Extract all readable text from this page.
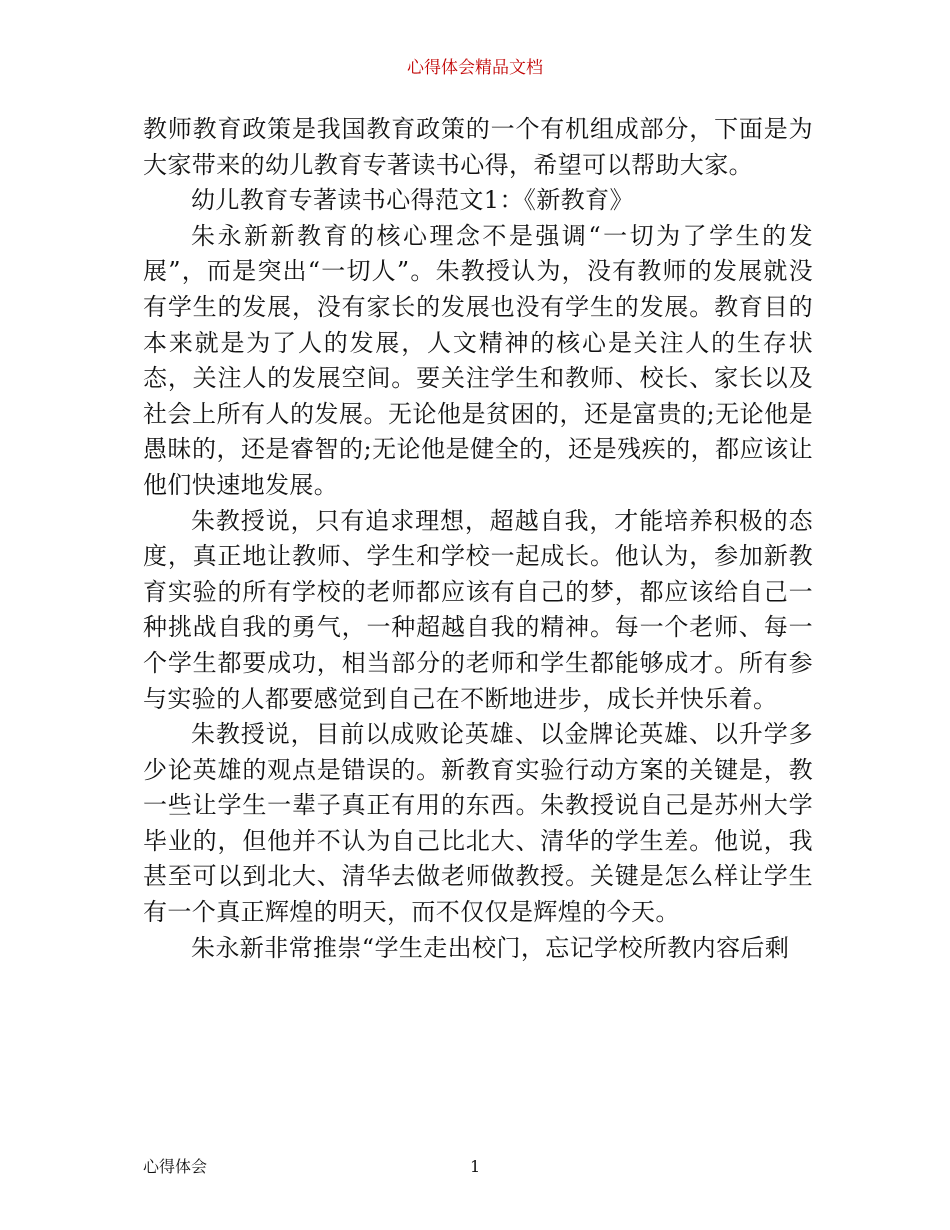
心得体会精品文档

教师教育政策是我国教育政策的一个有机组成部分，下面是为大家带来的幼儿教育专著读书心得，希望可以帮助大家。

幼儿教育专著读书心得范文1：《新教育》

朱永新新教育的核心理念不是强调“一切为了学生的发展”，而是突出“一切人”。朱教授认为，没有教师的发展就没有学生的发展，没有家长的发展也没有学生的发展。教育目的本来就是为了人的发展，人文精神的核心是关注人的生存状态，关注人的发展空间。要关注学生和教师、校长、家长以及社会上所有人的发展。无论他是贫困的，还是富贵的;无论他是愚昧的，还是睿智的;无论他是健全的，还是残疾的，都应该让他们快速地发展。

朱教授说，只有追求理想，超越自我，才能培养积极的态度，真正地让教师、学生和学校一起成长。他认为，参加新教育实验的所有学校的老师都应该有自己的梦，都应该给自己一种挑战自我的勇气，一种超越自我的精神。每一个老师、每一个学生都要成功，相当部分的老师和学生都能够成才。所有参与实验的人都要感觉到自己在不断地进步，成长并快乐着。

朱教授说，目前以成败论英雄、以金牌论英雄、以升学多少论英雄的观点是错误的。新教育实验行动方案的关键是，教一些让学生一辈子真正有用的东西。朱教授说自己是苏州大学毕业的，但他并不认为自己比北大、清华的学生差。他说，我甚至可以到北大、清华去做老师做教授。关键是怎么样让学生有一个真正辉煌的明天，而不仅仅是辉煌的今天。

朱永新非常推崇“学生走出校门，忘记学校所教内容后剩

心得体会	1
